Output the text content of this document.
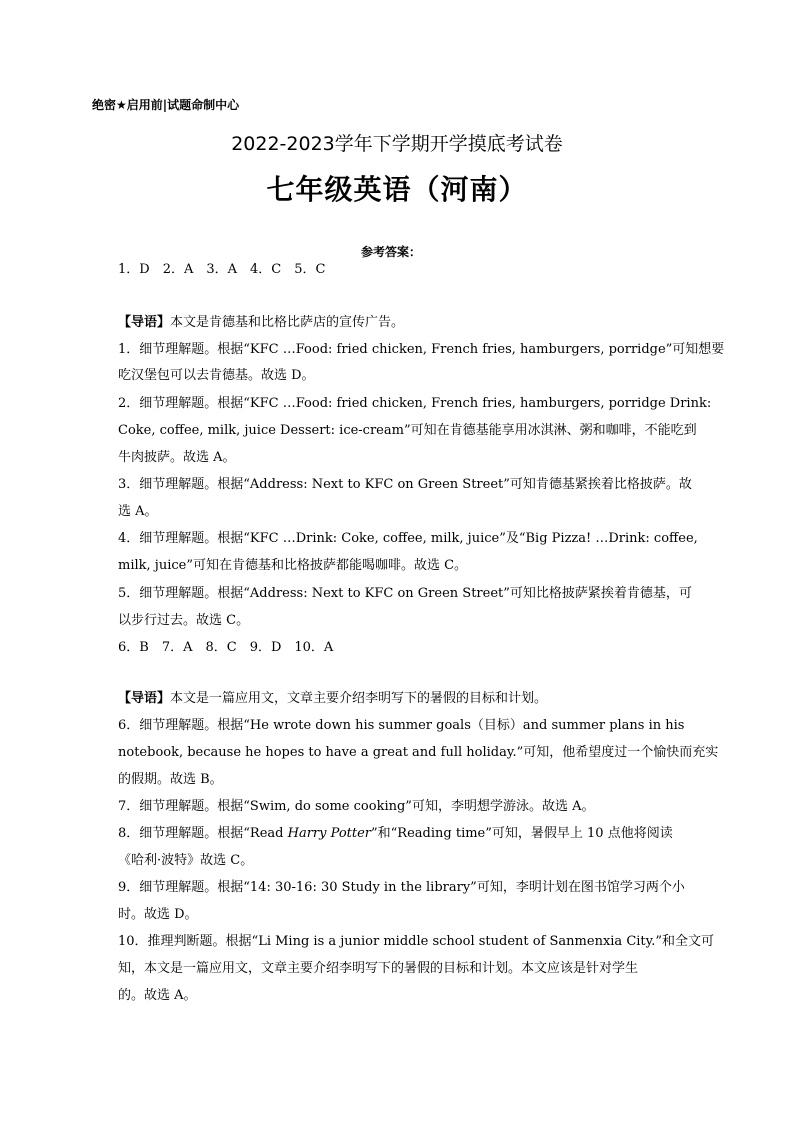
绝密★启用前|试题命制中心
2022-2023学年下学期开学摸底考试卷
七年级英语（河南）
参考答案：
1．D　2．A　3．A　4．C　5．C
【导语】本文是肯德基和比格比萨店的宣传广告。
1．细节理解题。根据“KFC …Food: fried chicken, French fries, hamburgers, porridge”可知想要
吃汉堡包可以去肯德基。故选 D。
2．细节理解题。根据“KFC …Food: fried chicken, French fries, hamburgers, porridge Drink:
Coke, coffee, milk, juice Dessert: ice-cream”可知在肯德基能享用冰淇淋、粥和咖啡，不能吃到
牛肉披萨。故选 A。
3．细节理解题。根据“Address: Next to KFC on Green Street”可知肯德基紧挨着比格披萨。故
选 A。
4．细节理解题。根据“KFC …Drink: Coke, coffee, milk, juice”及“Big Pizza! …Drink: coffee,
milk, juice”可知在肯德基和比格披萨都能喝咖啡。故选 C。
5．细节理解题。根据“Address: Next to KFC on Green Street”可知比格披萨紧挨着肯德基，可
以步行过去。故选 C。
6．B　7．A　8．C　9．D　10．A
【导语】本文是一篇应用文，文章主要介绍李明写下的暑假的目标和计划。
6．细节理解题。根据“He wrote down his summer goals（目标）and summer plans in his
notebook, because he hopes to have a great and full holiday.”可知，他希望度过一个愉快而充实
的假期。故选 B。
7．细节理解题。根据“Swim, do some cooking”可知，李明想学游泳。故选 A。
8．细节理解题。根据“Read Harry Potter”和“Reading time”可知，暑假早上 10 点他将阅读
《哈利·波特》故选 C。
9．细节理解题。根据“14: 30-16: 30 Study in the library”可知，李明计划在图书馆学习两个小
时。故选 D。
10．推理判断题。根据“Li Ming is a junior middle school student of Sanmenxia City.”和全文可
知，本文是一篇应用文，文章主要介绍李明写下的暑假的目标和计划。本文应该是针对学生
的。故选 A。
